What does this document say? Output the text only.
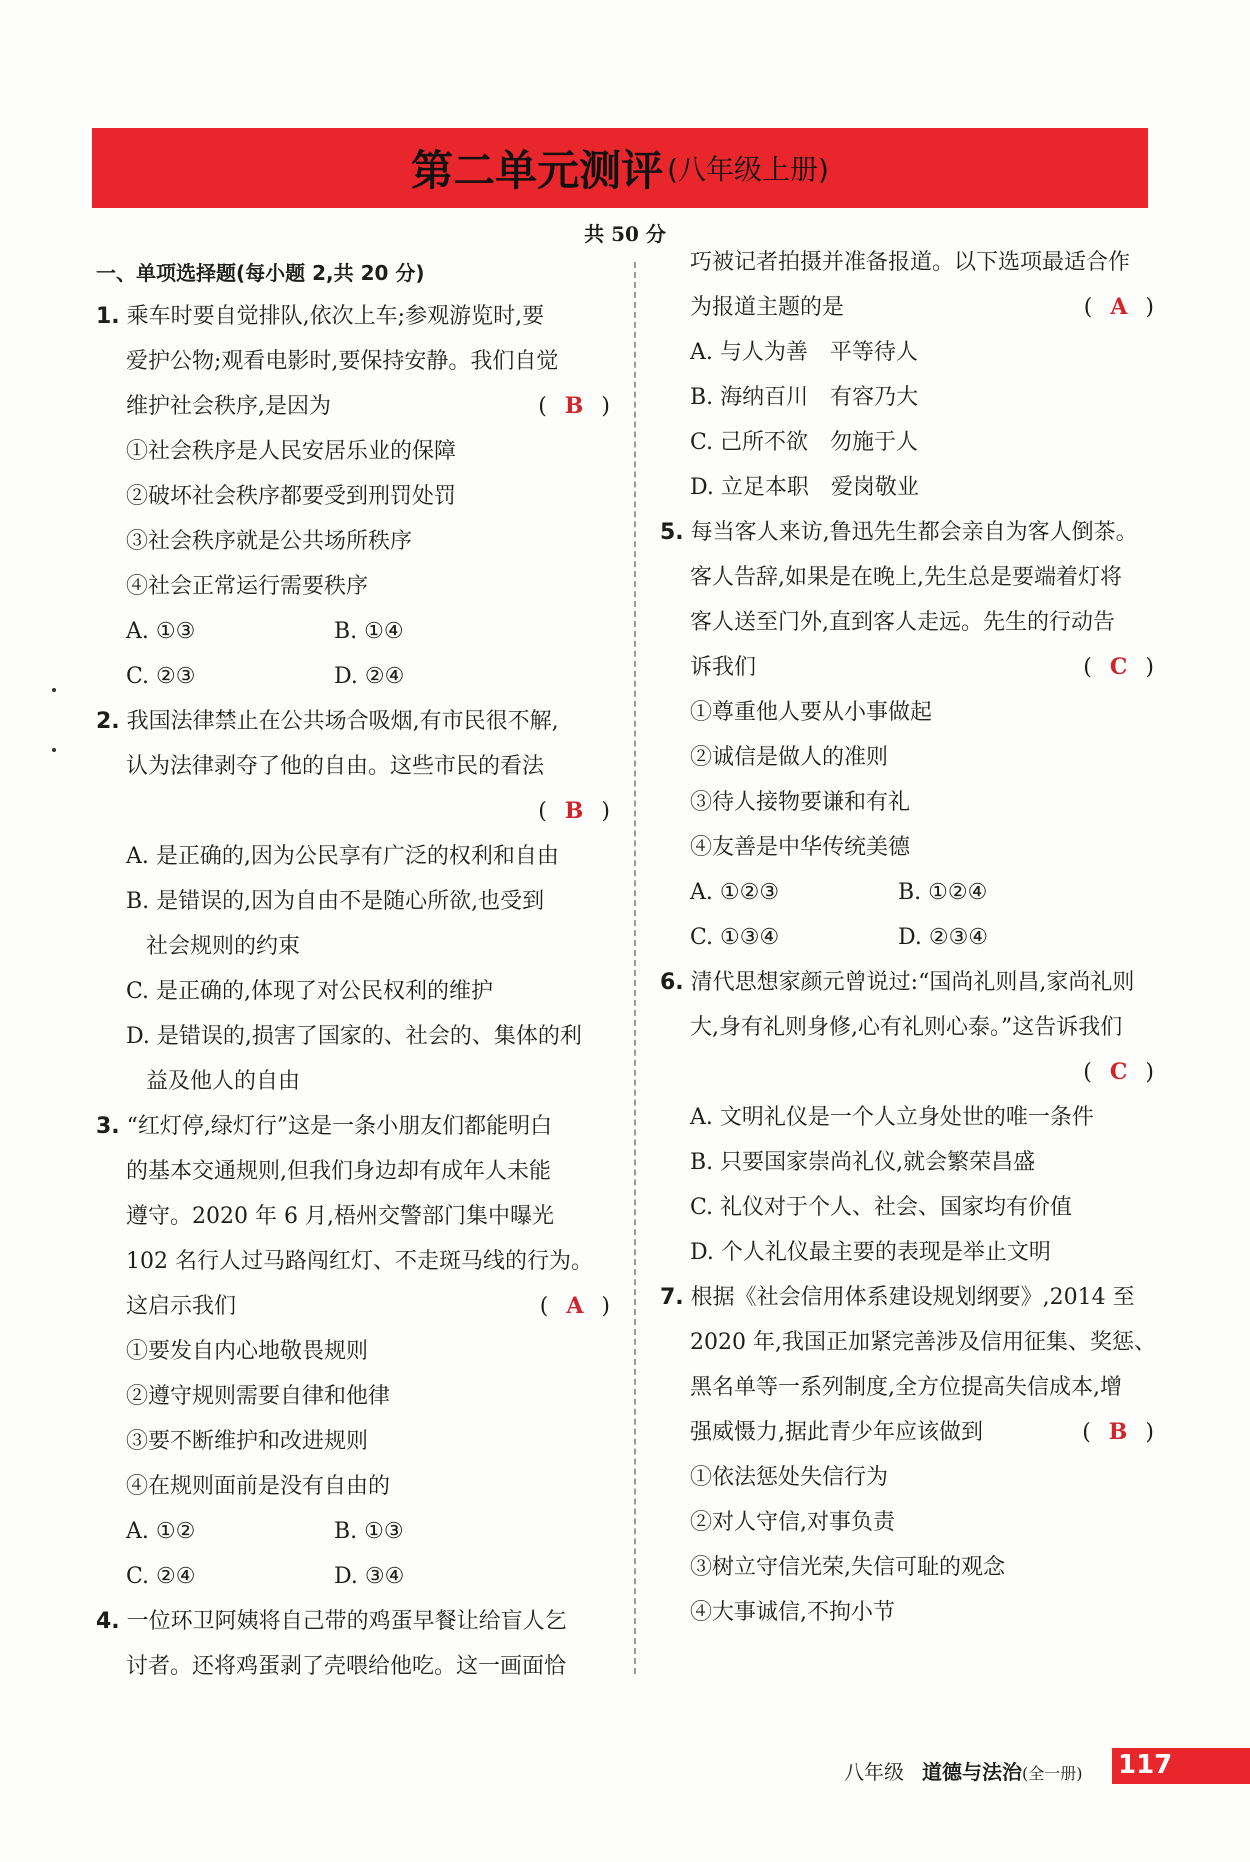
第二单元测评 (八年级上册)
共 50 分
一、单项选择题(每小题 2,共 20 分)
1. 乘车时要自觉排队,依次上车;参观游览时,要
爱护公物;观看电影时,要保持安静。我们自觉
维护社会秩序,是因为	( B )
①社会秩序是人民安居乐业的保障
②破坏社会秩序都要受到刑罚处罚
③社会秩序就是公共场所秩序
④社会正常运行需要秩序
A. ①③	B. ①④
C. ②③	D. ②④
2. 我国法律禁止在公共场合吸烟,有市民很不解,
认为法律剥夺了他的自由。这些市民的看法
( B )

A. 是正确的,因为公民享有广泛的权利和自由
B. 是错误的,因为自由不是随心所欲,也受到
社会规则的约束
C. 是正确的,体现了对公民权利的维护
D. 是错误的,损害了国家的、社会的、集体的利
益及他人的自由
3. “红灯停,绿灯行”这是一条小朋友们都能明白
的基本交通规则,但我们身边却有成年人未能
遵守。2020 年 6 月,梧州交警部门集中曝光
102 名行人过马路闯红灯、不走斑马线的行为。
这启示我们	( A )
①要发自内心地敬畏规则
②遵守规则需要自律和他律
③要不断维护和改进规则
④在规则面前是没有自由的
A. ①②	B. ①③
C. ②④	D. ③④
4. 一位环卫阿姨将自己带的鸡蛋早餐让给盲人乞
讨者。还将鸡蛋剥了壳喂给他吃。这一画面恰
巧被记者拍摄并准备报道。以下选项最适合作
为报道主题的是	( A )
A. 与人为善　平等待人
B. 海纳百川　有容乃大
C. 己所不欲　勿施于人
D. 立足本职　爱岗敬业
5. 每当客人来访,鲁迅先生都会亲自为客人倒茶。
客人告辞,如果是在晚上,先生总是要端着灯将
客人送至门外,直到客人走远。先生的行动告
诉我们	( C )
①尊重他人要从小事做起
②诚信是做人的准则
③待人接物要谦和有礼
④友善是中华传统美德
A. ①②③	B. ①②④
C. ①③④	D. ②③④
6. 清代思想家颜元曾说过:“国尚礼则昌,家尚礼则
大,身有礼则身修,心有礼则心泰。”这告诉我们
( C )

A. 文明礼仪是一个人立身处世的唯一条件
B. 只要国家崇尚礼仪,就会繁荣昌盛
C. 礼仪对于个人、社会、国家均有价值
D. 个人礼仪最主要的表现是举止文明
7. 根据《社会信用体系建设规划纲要》,2014 至
2020 年,我国正加紧完善涉及信用征集、奖惩、
黑名单等一系列制度,全方位提高失信成本,增
强威慑力,据此青少年应该做到	( B )
①依法惩处失信行为
②对人守信,对事负责
③树立守信光荣,失信可耻的观念
④大事诚信,不拘小节
八年级 道德与法治(全一册) 117
